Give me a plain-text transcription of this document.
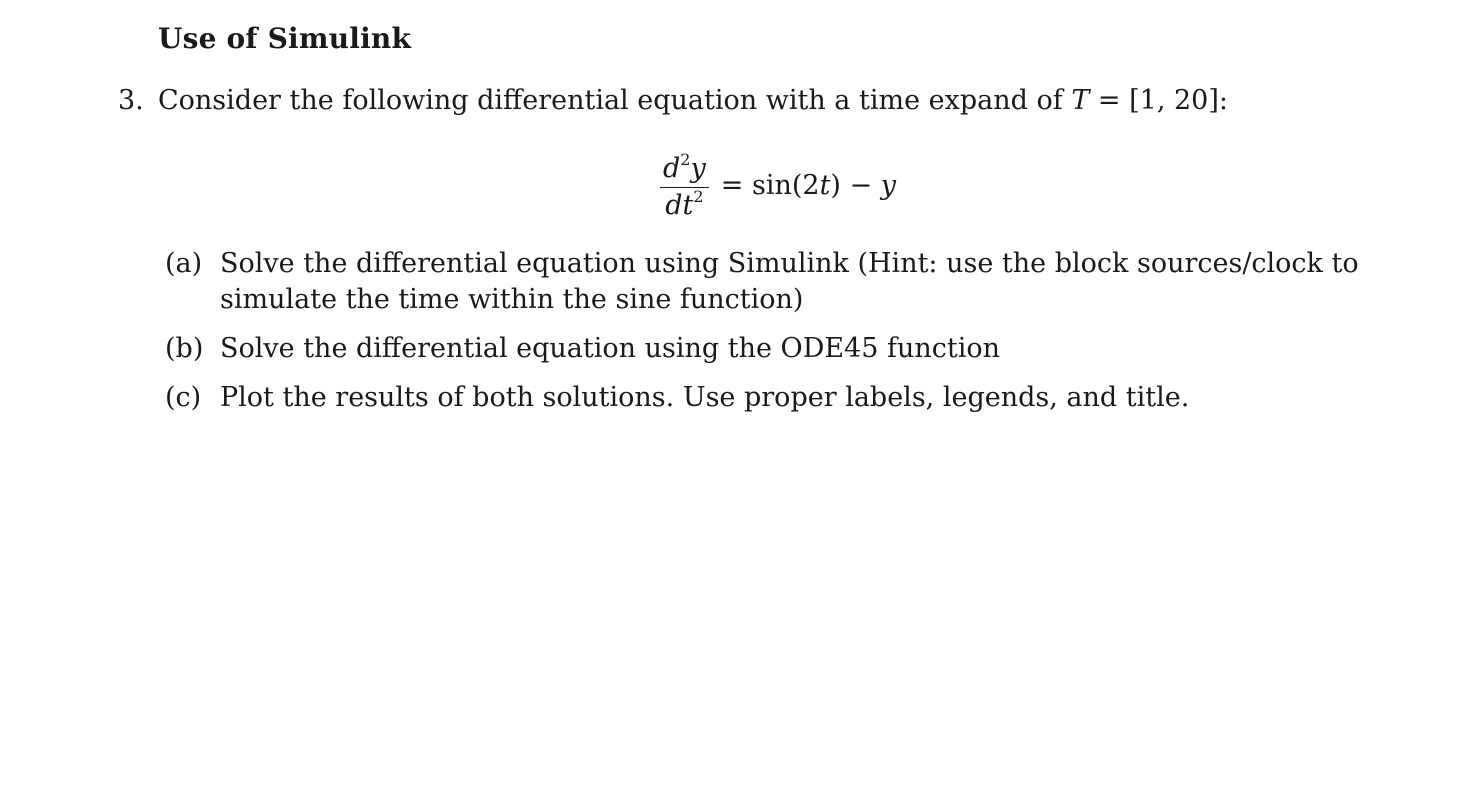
Use of Simulink
3. Consider the following differential equation with a time expand of T = [1, 20]:
$\frac{d^2y}{dt^2} = \sin(2t) - y$
(a) Solve the differential equation using Simulink (Hint: use the block sources/clock to simulate the time within the sine function)
(b) Solve the differential equation using the ODE45 function
(c) Plot the results of both solutions. Use proper labels, legends, and title.
